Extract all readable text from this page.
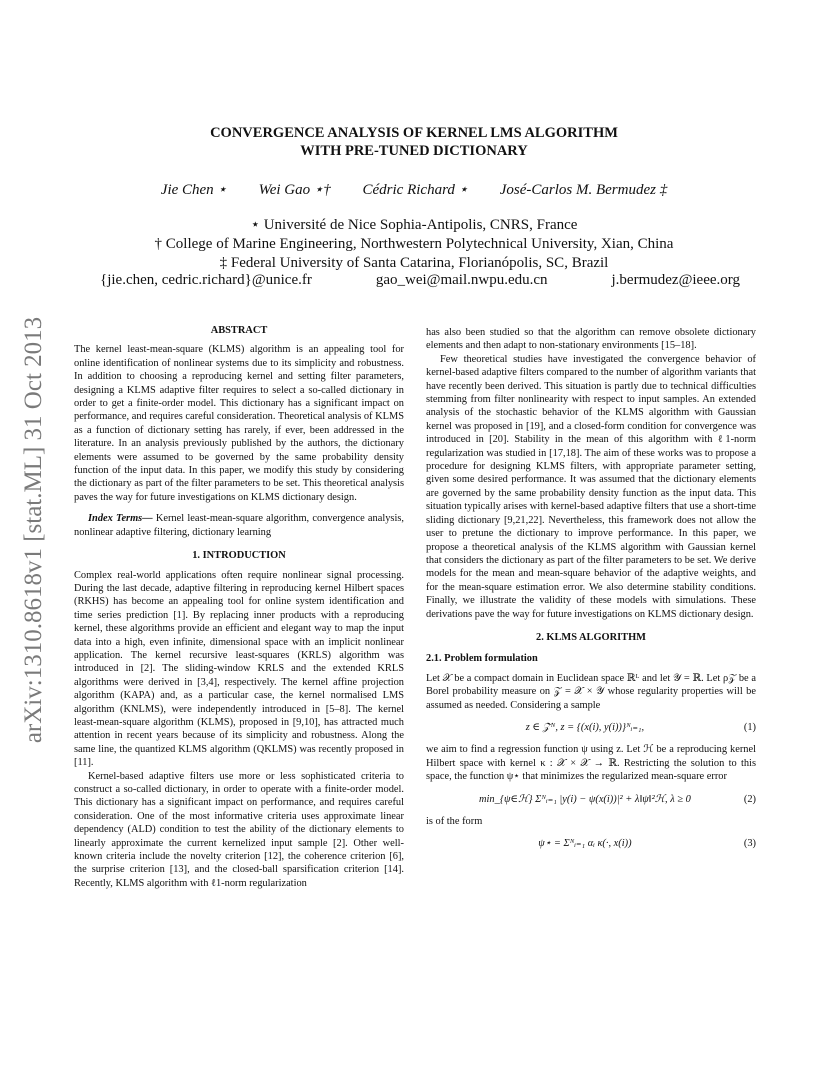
arXiv:1310.8618v1 [stat.ML] 31 Oct 2013
CONVERGENCE ANALYSIS OF KERNEL LMS ALGORITHM
WITH PRE-TUNED DICTIONARY
Jie Chen ⋆ Wei Gao ⋆† Cédric Richard ⋆ José-Carlos M. Bermudez ‡
⋆ Université de Nice Sophia-Antipolis, CNRS, France
† College of Marine Engineering, Northwestern Polytechnical University, Xian, China
‡ Federal University of Santa Catarina, Florianópolis, SC, Brazil
{jie.chen, cedric.richard}@unice.fr	gao_wei@mail.nwpu.edu.cn	j.bermudez@ieee.org
ABSTRACT

The kernel least-mean-square (KLMS) algorithm is an appealing tool for online identification of nonlinear systems due to its simplicity and robustness. In addition to choosing a reproducing kernel and setting filter parameters, designing a KLMS adaptive filter requires to select a so-called dictionary in order to get a finite-order model. This dictionary has a significant impact on performance, and requires careful consideration. Theoretical analysis of KLMS as a function of dictionary setting has rarely, if ever, been addressed in the literature. In an analysis previously published by the authors, the dictionary elements were assumed to be governed by the same probability density function of the input data. In this paper, we modify this study by considering the dictionary as part of the filter parameters to be set. This theoretical analysis paves the way for future investigations on KLMS dictionary design.

Index Terms— Kernel least-mean-square algorithm, convergence analysis, nonlinear adaptive filtering, dictionary learning

1. INTRODUCTION

Complex real-world applications often require nonlinear signal processing. During the last decade, adaptive filtering in reproducing kernel Hilbert spaces (RKHS) has become an appealing tool for online system identification and time series prediction [1]. By replacing inner products with a reproducing kernel, these algorithms provide an efficient and elegant way to map the input data into a high, even infinite, dimensional space with an implicit nonlinear application. The kernel recursive least-squares (KRLS) algorithm was introduced in [2]. The sliding-window KRLS and the extended KRLS algorithms were derived in [3,4], respectively. The kernel affine projection algorithm (KAPA) and, as a particular case, the kernel normalised LMS algorithm (KNLMS), were independently introduced in [5–8]. The kernel least-mean-square algorithm (KLMS), proposed in [9,10], has attracted much attention in recent years because of its simplicity and robustness. Along the same line, the quantized KLMS algorithm (QKLMS) was recently proposed in [11].

Kernel-based adaptive filters use more or less sophisticated criteria to construct a so-called dictionary, in order to operate with a finite-order model. This dictionary has a significant impact on performance, and requires careful consideration. One of the most informative criteria uses approximate linear dependency (ALD) condition to test the ability of the dictionary elements to linearly approximate the current kernelized input sample [2]. Other well-known criteria include the novelty criterion [12], the coherence criterion [6], the surprise criterion [13], and the closed-ball sparsification criterion [14]. Recently, KLMS algorithm with ℓ1-norm regularization

has also been studied so that the algorithm can remove obsolete dictionary elements and then adapt to non-stationary environments [15–18].

Few theoretical studies have investigated the convergence behavior of kernel-based adaptive filters compared to the number of algorithm variants that have recently been derived. This situation is partly due to technical difficulties stemming from filter nonlinearity with respect to input samples. An extended analysis of the stochastic behavior of the KLMS algorithm with Gaussian kernel was proposed in [19], and a closed-form condition for convergence was introduced in [20]. Stability in the mean of this algorithm with ℓ1-norm regularization was studied in [17,18]. The aim of these works was to propose a procedure for designing KLMS filters, with appropriate parameter setting, given some desired performance. It was assumed that the dictionary elements are governed by the same probability density function as the input data. This situation typically arises with kernel-based adaptive filters that use a short-time sliding dictionary [9,21,22]. Nevertheless, this framework does not allow the user to pretune the dictionary to improve performance. In this paper, we propose a theoretical analysis of the KLMS algorithm with Gaussian kernel that considers the dictionary as part of the filter parameters to be set. We derive models for the mean and mean-square behavior of the adaptive weights, and for the mean-square estimation error. We also determine stability conditions. Finally, we illustrate the validity of these models with simulations. These derivations pave the way for future investigations on KLMS dictionary design.

2. KLMS ALGORITHM
2.1. Problem formulation

Let 𝒳 be a compact domain in Euclidean space ℝᴸ and let 𝒴 = ℝ. Let ρ𝒵 be a Borel probability measure on 𝒵 = 𝒳 × 𝒴 whose regularity properties will be assumed as needed. Considering a sample

z ∈ 𝒵ᴺ, z = {(x(i), y(i))}ᴺᵢ₌₁,	(1)

we aim to find a regression function ψ using z. Let ℋ be a reproducing kernel Hilbert space with kernel κ : 𝒳 × 𝒳 → ℝ. Restricting the solution to this space, the function ψ⋆ that minimizes the regularized mean-square error

min_{ψ∈ℋ} Σᴺᵢ₌₁ |y(i) − ψ(x(i))|² + λ‖ψ‖²ℋ, λ ≥ 0	(2)

is of the form

ψ⋆ = Σᴺᵢ₌₁ αᵢ κ(·, x(i))	(3)
